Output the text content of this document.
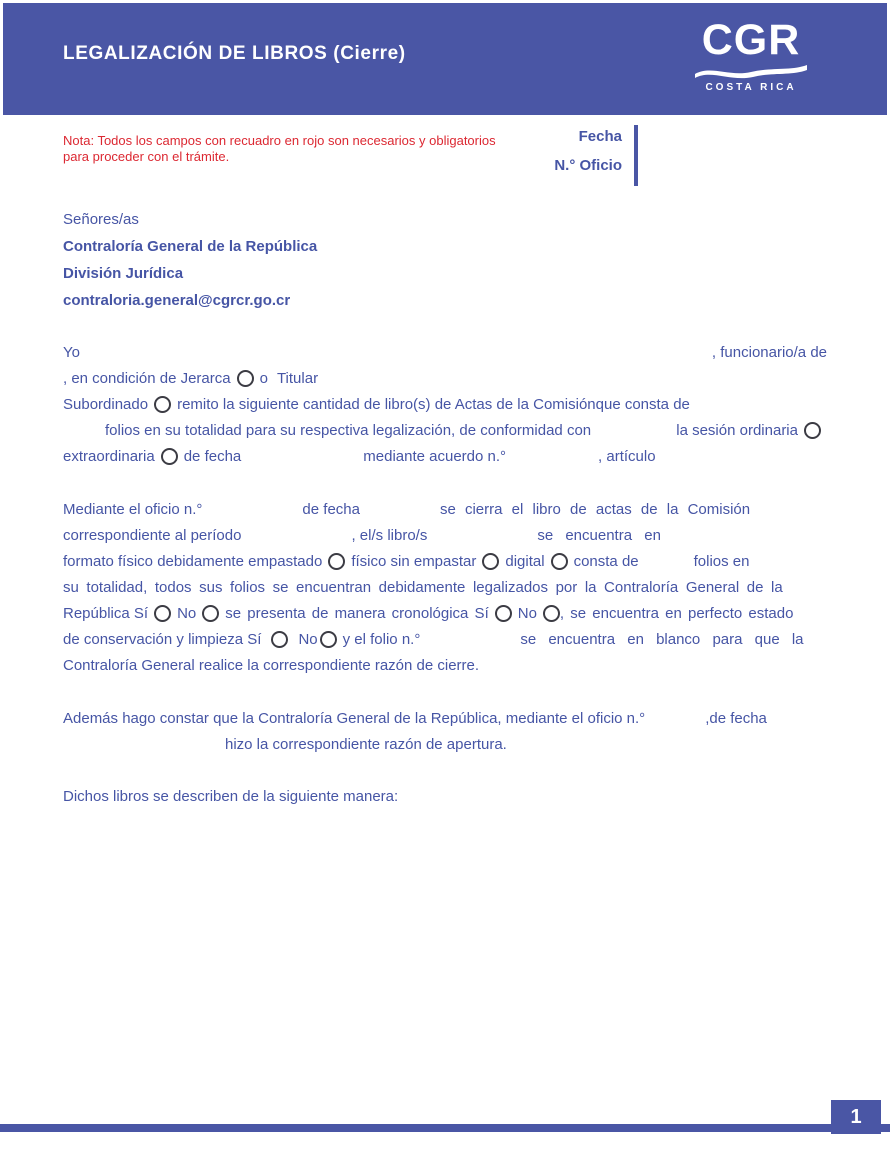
LEGALIZACIÓN DE LIBROS (Cierre)	CGR
COSTA RICA
Nota: Todos los campos con recuadro en rojo son necesarios y obligatorios para proceder con el trámite.
Fecha
N.° Oficio
Señores/as
Contraloría General de la República
División Jurídica
contraloria.general@cgrcr.go.cr
Yo	, funcionario/a de
, en condición de Jerarca o Titular
Subordinado remito la siguiente cantidad de libro(s) de Actas de la Comisión que consta de
folios en su totalidad para su respectiva legalización, de conformidad con	la sesión ordinaria
extraordinaria de fecha	mediante acuerdo n.°	, artículo
Mediante el oficio n.°	de fecha	se cierra el libro de actas de la Comisión
correspondiente al período	, el/s libro/s	se encuentra en
formato físico debidamente empastado físico sin empastar digital consta de	folios en
su totalidad, todos sus folios se encuentran debidamente legalizados por la Contraloría General de la
República Sí No se presenta de manera cronológica Sí No , se encuentra en perfecto estado
de conservación y limpieza Sí No y el folio n.°	se encuentra en blanco para que la
Contraloría General realice la correspondiente razón de cierre.
Además hago constar que la Contraloría General de la República, mediante el oficio n.°	,de fecha
hizo la correspondiente razón de apertura.
Dichos libros se describen de la siguiente manera:
1
